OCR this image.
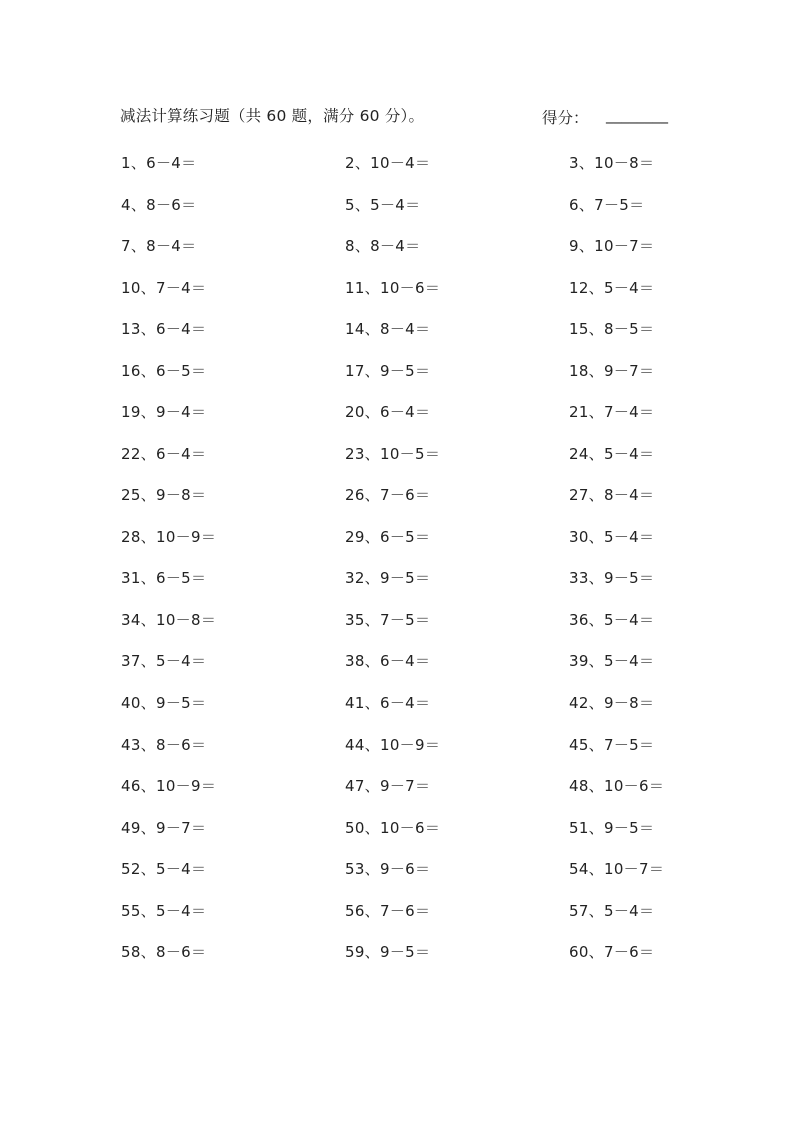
减法计算练习题（共 60 题，满分 60 分）。	得分： ________
1、6－4＝	2、10－4＝	3、10－8＝
4、8－6＝	5、5－4＝	6、7－5＝
7、8－4＝	8、8－4＝	9、10－7＝
10、7－4＝	11、10－6＝	12、5－4＝
13、6－4＝	14、8－4＝	15、8－5＝
16、6－5＝	17、9－5＝	18、9－7＝
19、9－4＝	20、6－4＝	21、7－4＝
22、6－4＝	23、10－5＝	24、5－4＝
25、9－8＝	26、7－6＝	27、8－4＝
28、10－9＝	29、6－5＝	30、5－4＝
31、6－5＝	32、9－5＝	33、9－5＝
34、10－8＝	35、7－5＝	36、5－4＝
37、5－4＝	38、6－4＝	39、5－4＝
40、9－5＝	41、6－4＝	42、9－8＝
43、8－6＝	44、10－9＝	45、7－5＝
46、10－9＝	47、9－7＝	48、10－6＝
49、9－7＝	50、10－6＝	51、9－5＝
52、5－4＝	53、9－6＝	54、10－7＝
55、5－4＝	56、7－6＝	57、5－4＝
58、8－6＝	59、9－5＝	60、7－6＝
